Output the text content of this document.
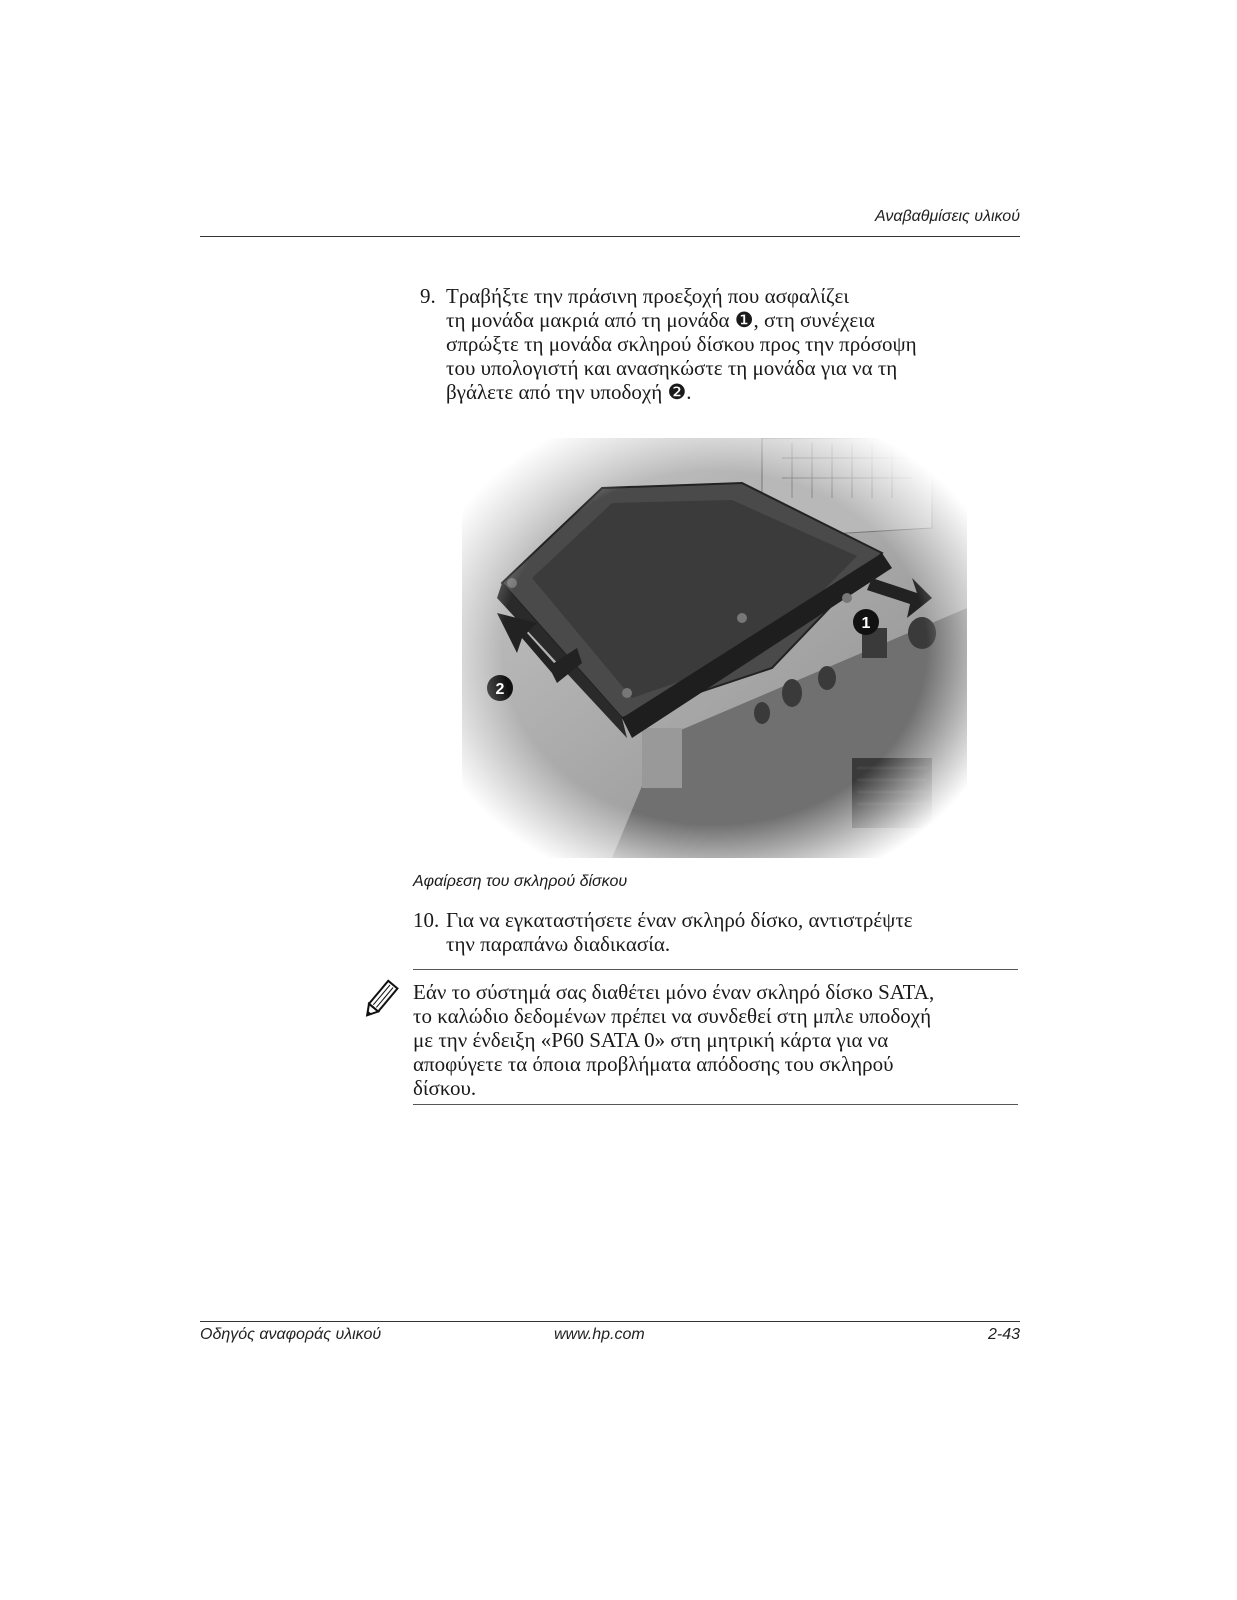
Αναβαθμίσεις υλικού
9. Τραβήξτε την πράσινη προεξοχή που ασφαλίζει
τη μονάδα μακριά από τη μονάδα ❶, στη συνέχεια
σπρώξτε τη μονάδα σκληρού δίσκου προς την πρόσοψη
του υπολογιστή και ανασηκώστε τη μονάδα για να τη
βγάλετε από την υποδοχή ❷.
Αφαίρεση του σκληρού δίσκου
10. Για να εγκαταστήσετε έναν σκληρό δίσκο, αντιστρέψτε
την παραπάνω διαδικασία.
Εάν το σύστημά σας διαθέτει μόνο έναν σκληρό δίσκο SATA,
το καλώδιο δεδομένων πρέπει να συνδεθεί στη μπλε υποδοχή
με την ένδειξη «P60 SATA 0» στη μητρική κάρτα για να
αποφύγετε τα όποια προβλήματα απόδοσης του σκληρού
δίσκου.
Οδηγός αναφοράς υλικού	www.hp.com	2-43
